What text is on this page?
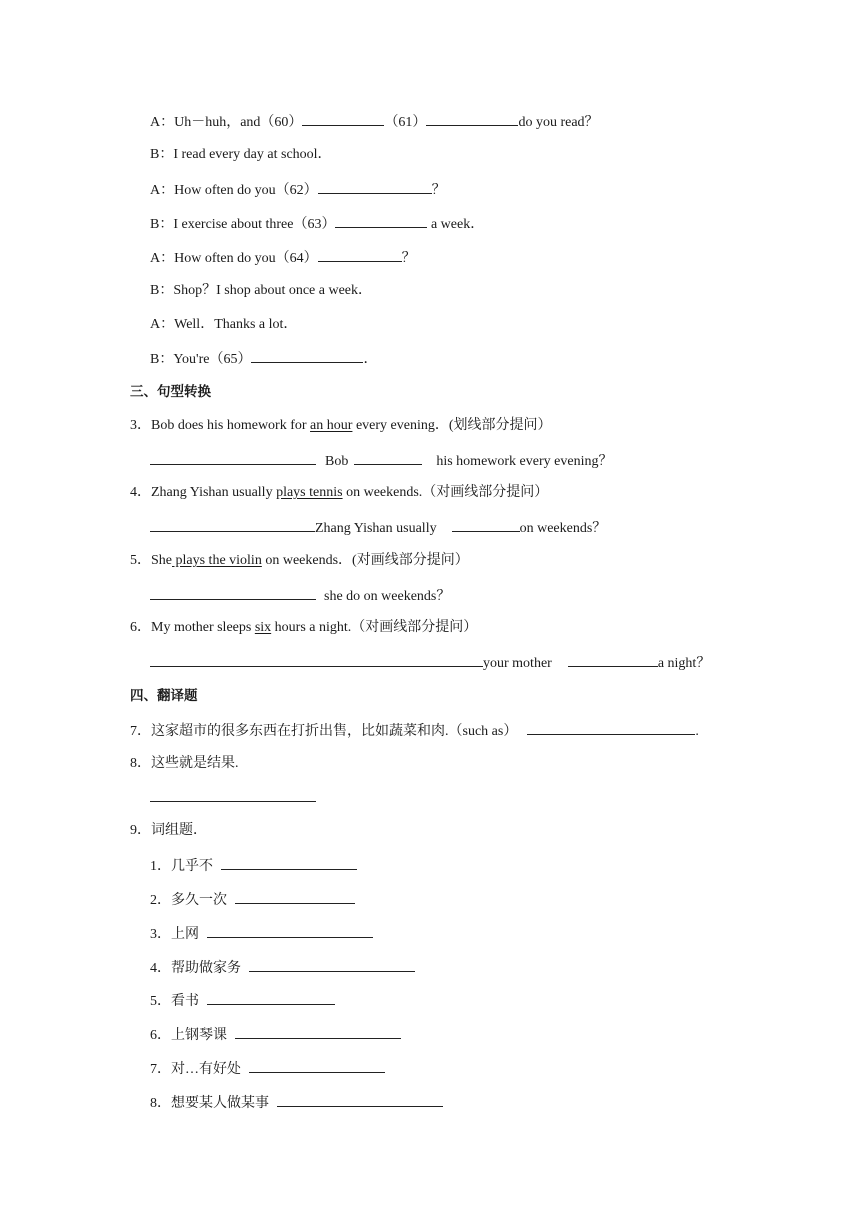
A：Uh－huh，and（60）	（61）	do you read？
B：I read every day at school．
A：How often do you（62）	？
B：I exercise about three（63）	a week．
A：How often do you（64）	？
B：Shop？I shop about once a week．
A：Well．Thanks a lot．
B：You're（65）	．
三、句型转换
3．Bob does his homework for an hour every evening．(划线部分提问）
Bob	his homework every evening？
4．Zhang Yishan usually plays tennis on weekends.（对画线部分提问）
Zhang Yishan usually	on weekends？
5．She plays the violin on weekends．(对画线部分提问）
she do on weekends？
6．My mother sleeps six hours a night.（对画线部分提问）
your mother	a night？
四、翻译题
7．这家超市的很多东西在打折出售，比如蔬菜和肉.（such as）	.
8．这些就是结果.
9．词组题．
1．几乎不
2．多久一次
3．上网
4．帮助做家务
5．看书
6．上钢琴课
7．对…有好处
8．想要某人做某事
